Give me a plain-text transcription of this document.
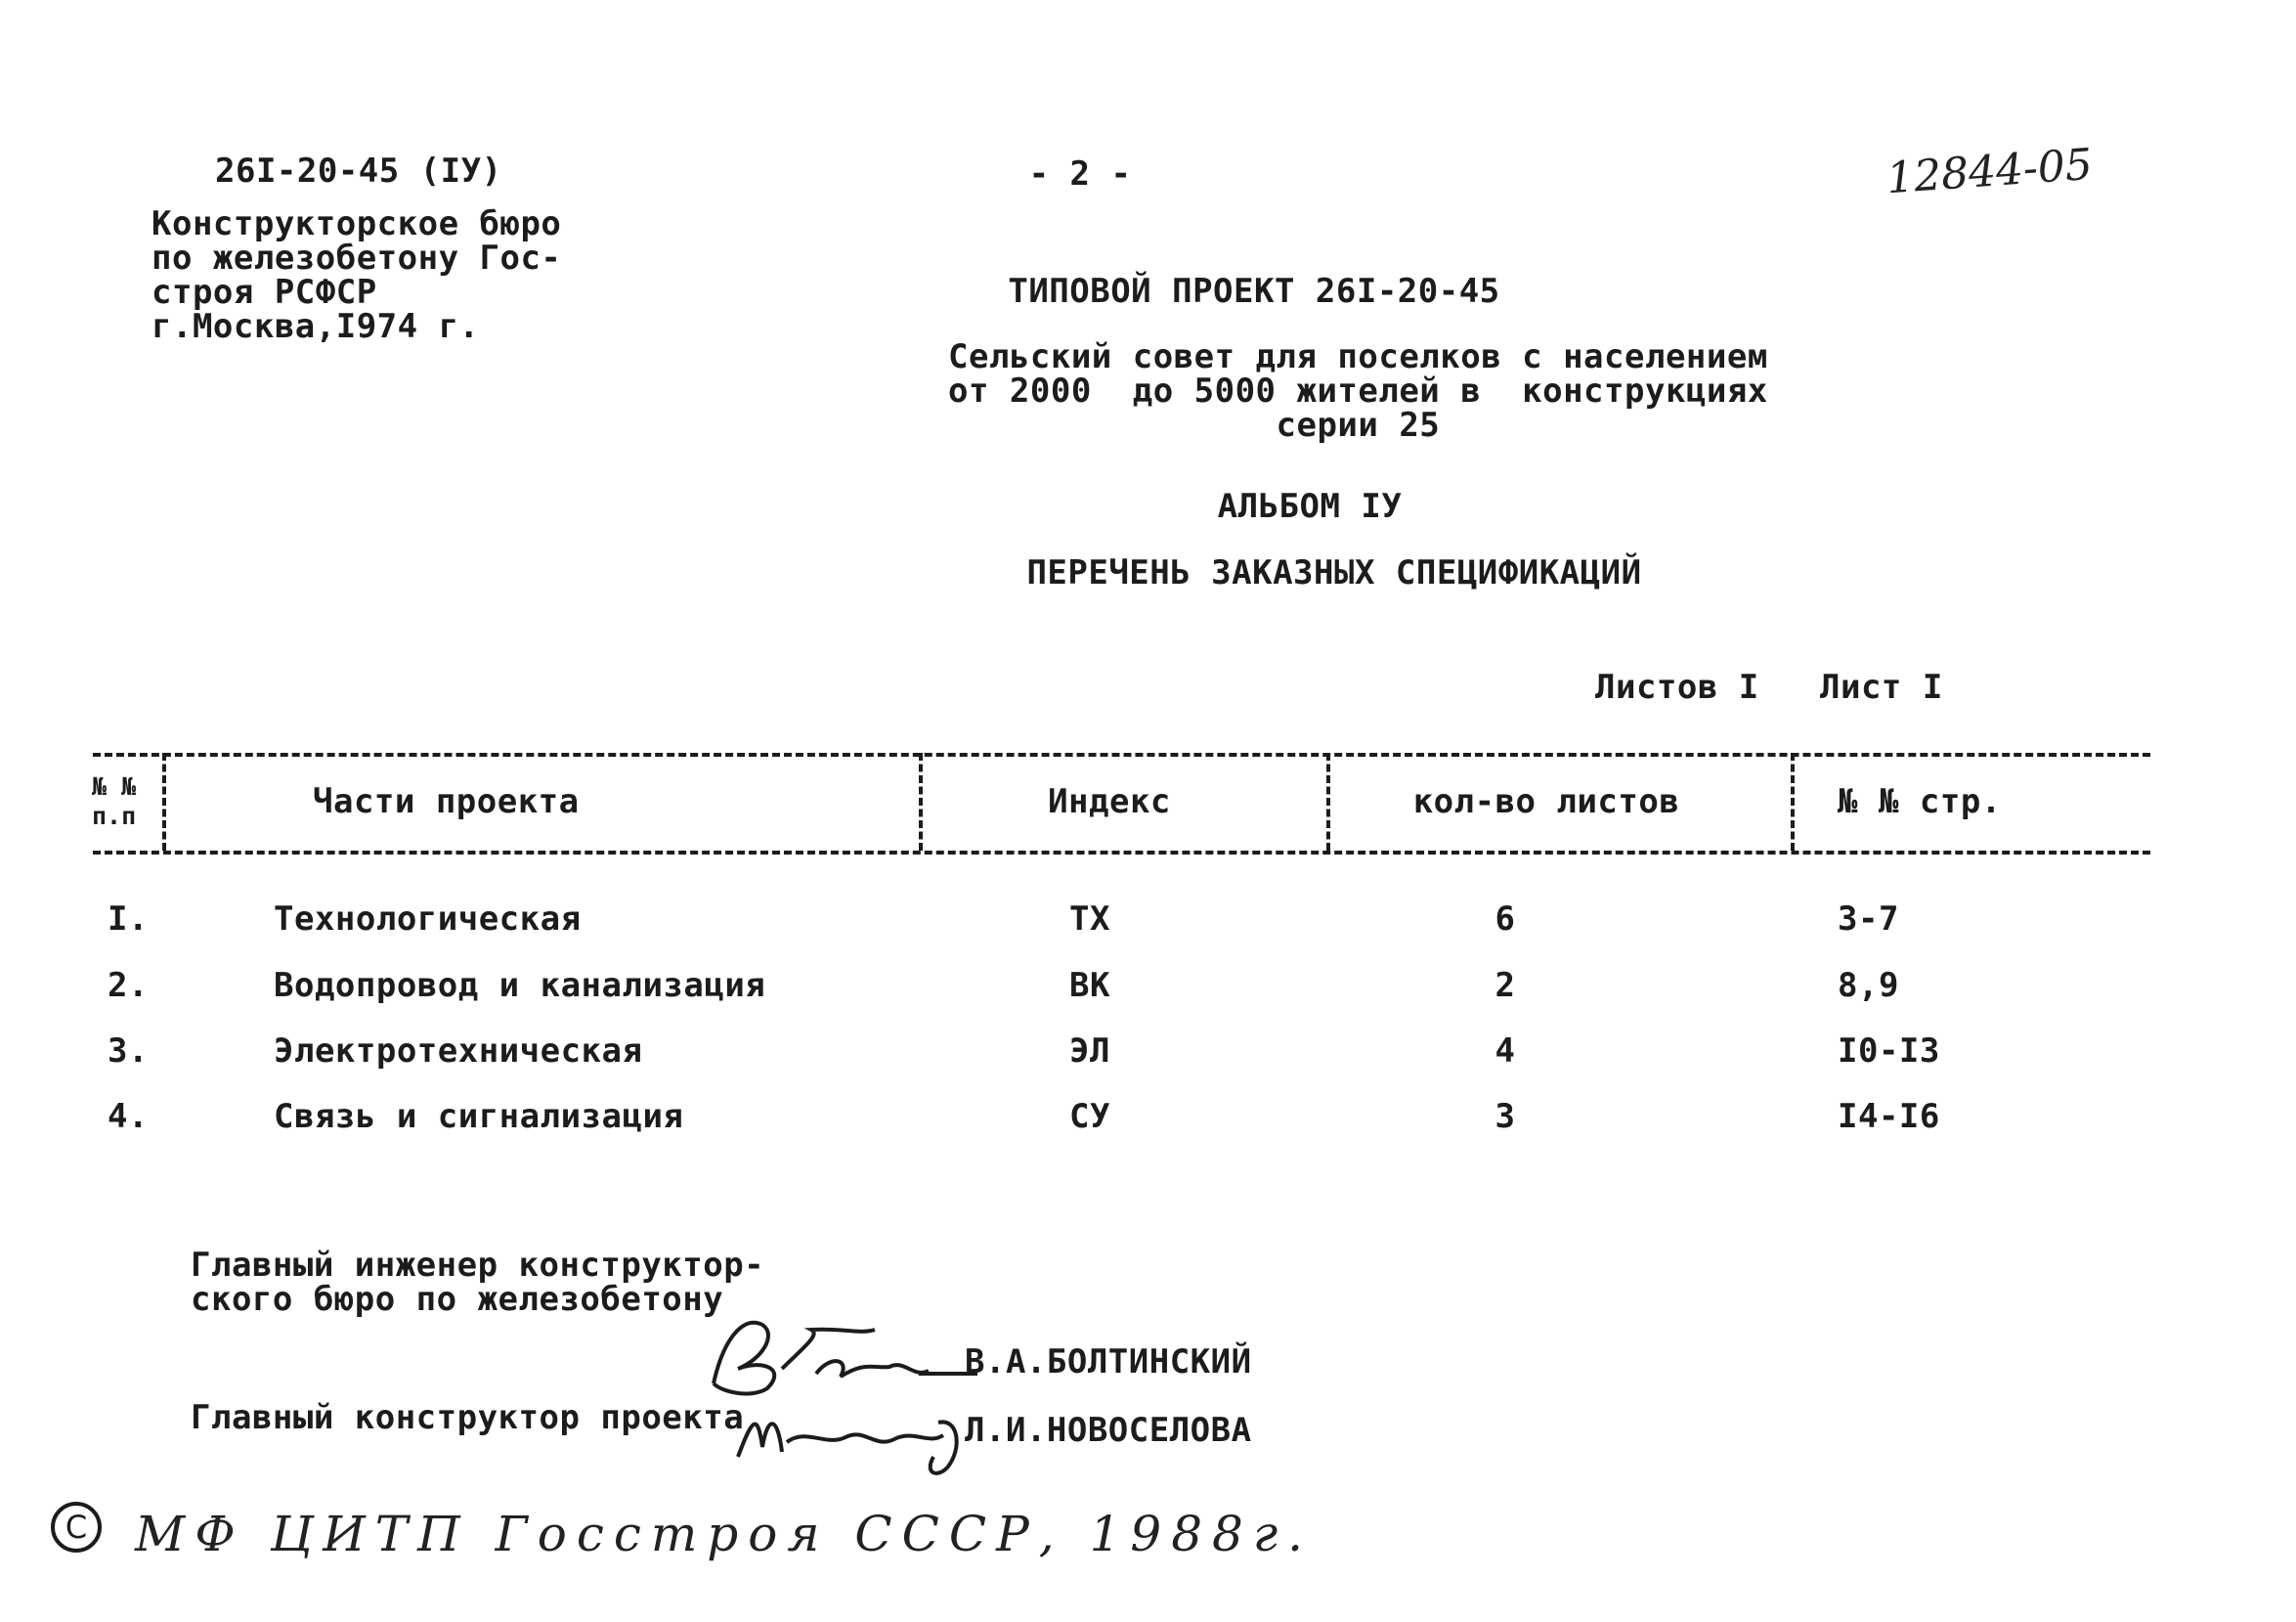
26I-20-45 (IУ)
Конструкторское бюро
по железобетону Гос-
строя РСФСР
г.Москва,I974 г.
- 2 -	12844-05
ТИПОВОЙ ПРОЕКТ 26I-20-45
Сельский совет для поселков с населением
от 2000  до 5000 жителей в  конструкциях
серии 25
АЛЬБОМ IУ
ПЕРЕЧЕНЬ ЗАКАЗНЫХ СПЕЦИФИКАЦИЙ
Листов I Лист I
№ №
п.п	Части проекта	Индекс	кол-во листов	№ № стр.
I.	Технологическая	ТХ	6	3-7
2.	Водопровод и канализация	ВК	2	8,9
3.	Электротехническая	ЭЛ	4	I0-I3
4.	Связь и сигнализация	СУ	3	I4-I6
Главный инженер конструктор-
ского бюро по железобетону
В.А.БОЛТИНСКИЙ
Главный конструктор проекта	Л.И.НОВОСЕЛОВА
C МФ ЦИТП Госстроя СССР, 1988г.
